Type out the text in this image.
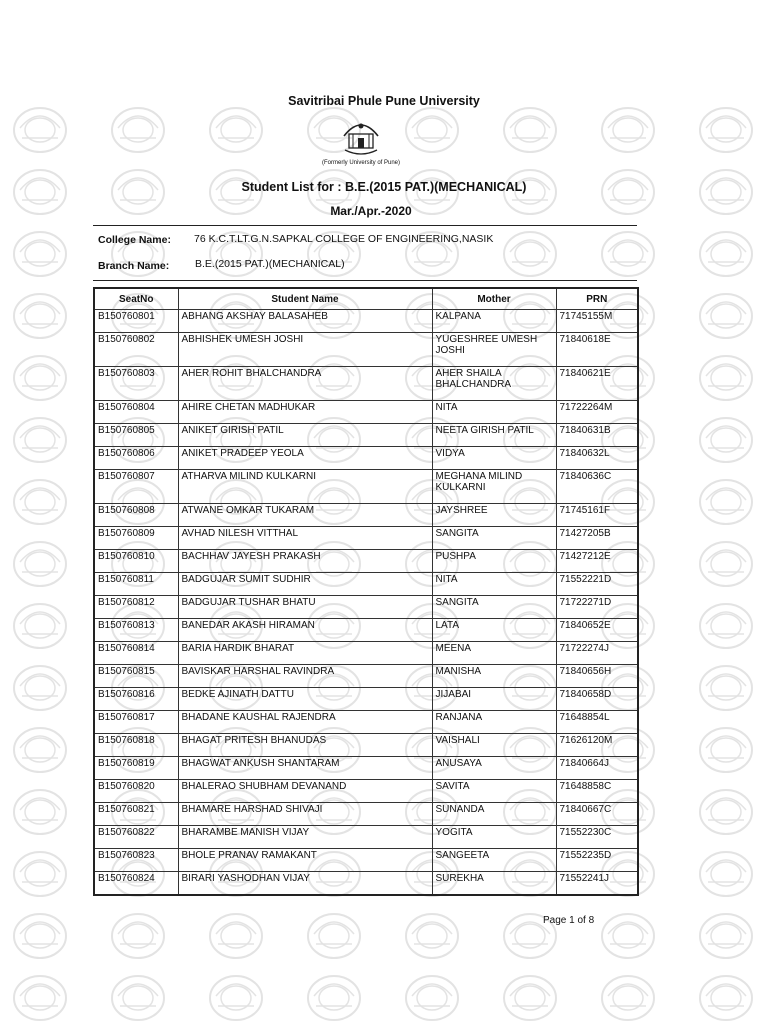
Savitribai Phule Pune University
(Formerly University of Pune)
Student List for : B.E.(2015 PAT.)(MECHANICAL)
Mar./Apr.-2020
College Name: 76 K.C.T.LT.G.N.SAPKAL COLLEGE OF ENGINEERING,NASIK
Branch Name: B.E.(2015 PAT.)(MECHANICAL)
SeatNo	Student Name	Mother	PRN
B150760801	ABHANG AKSHAY BALASAHEB	KALPANA	71745155M
B150760802	ABHISHEK UMESH JOSHI	YUGESHREE UMESH JOSHI	71840618E
B150760803	AHER ROHIT BHALCHANDRA	AHER SHAILA BHALCHANDRA	71840621E
B150760804	AHIRE CHETAN MADHUKAR	NITA	71722264M
B150760805	ANIKET GIRISH PATIL	NEETA GIRISH PATIL	71840631B
B150760806	ANIKET PRADEEP YEOLA	VIDYA	71840632L
B150760807	ATHARVA MILIND KULKARNI	MEGHANA MILIND KULKARNI	71840636C
B150760808	ATWANE OMKAR TUKARAM	JAYSHREE	71745161F
B150760809	AVHAD NILESH VITTHAL	SANGITA	71427205B
B150760810	BACHHAV JAYESH PRAKASH	PUSHPA	71427212E
B150760811	BADGUJAR SUMIT SUDHIR	NITA	71552221D
B150760812	BADGUJAR TUSHAR BHATU	SANGITA	71722271D
B150760813	BANEDAR AKASH HIRAMAN	LATA	71840652E
B150760814	BARIA HARDIK BHARAT	MEENA	71722274J
B150760815	BAVISKAR HARSHAL RAVINDRA	MANISHA	71840656H
B150760816	BEDKE AJINATH DATTU	JIJABAI	71840658D
B150760817	BHADANE KAUSHAL RAJENDRA	RANJANA	71648854L
B150760818	BHAGAT PRITESH BHANUDAS	VAISHALI	71626120M
B150760819	BHAGWAT ANKUSH SHANTARAM	ANUSAYA	71840664J
B150760820	BHALERAO SHUBHAM DEVANAND	SAVITA	71648858C
B150760821	BHAMARE HARSHAD SHIVAJI	SUNANDA	71840667C
B150760822	BHARAMBE MANISH VIJAY	YOGITA	71552230C
B150760823	BHOLE PRANAV RAMAKANT	SANGEETA	71552235D
B150760824	BIRARI YASHODHAN VIJAY	SUREKHA	71552241J
Page 1 of 8
